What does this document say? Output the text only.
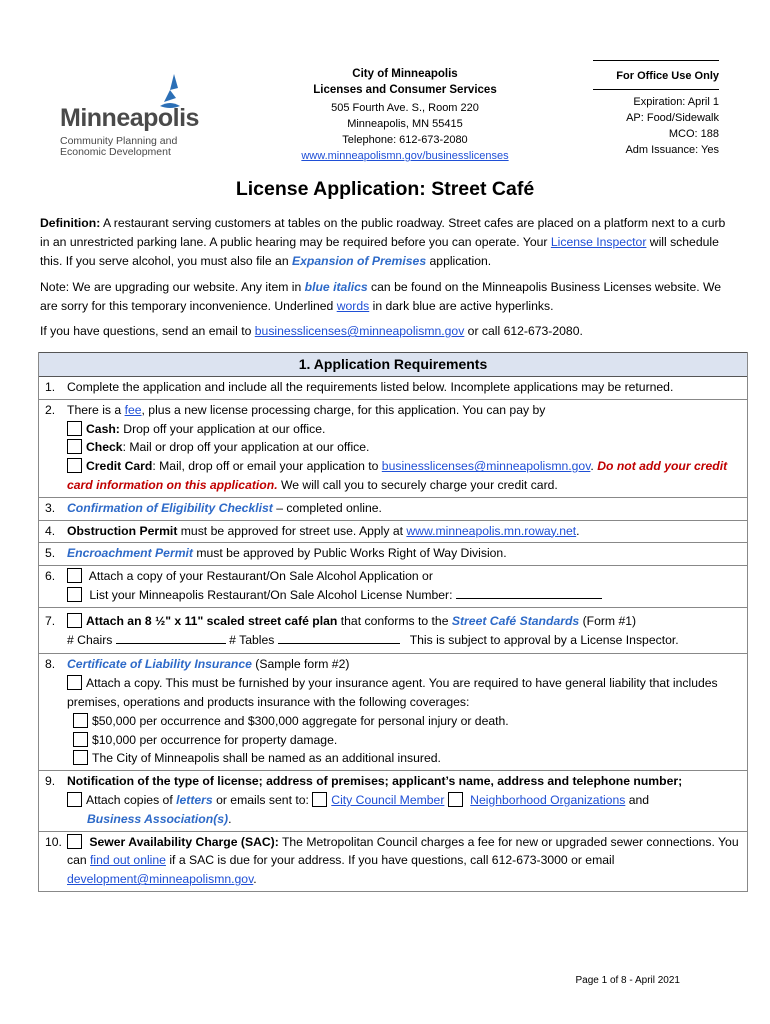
Minneapolis
Community Planning and
Economic Development
City of Minneapolis
Licenses and Consumer Services
505 Fourth Ave. S., Room 220
Minneapolis, MN 55415
Telephone: 612-673-2080
www.minneapolismn.gov/businesslicenses
For Office Use Only
Expiration: April 1
AP: Food/Sidewalk
MCO: 188
Adm Issuance: Yes
License Application: Street Café
Definition: A restaurant serving customers at tables on the public roadway. Street cafes are placed on a platform next to a curb in an unrestricted parking lane. A public hearing may be required before you can operate. Your License Inspector will schedule this. If you serve alcohol, you must also file an Expansion of Premises application.
Note: We are upgrading our website. Any item in blue italics can be found on the Minneapolis Business Licenses website. We are sorry for this temporary inconvenience. Underlined words in dark blue are active hyperlinks.
If you have questions, send an email to businesslicenses@minneapolismn.gov or call 612-673-2080.
1. Application Requirements
1. Complete the application and include all the requirements listed below. Incomplete applications may be returned.
2. There is a fee, plus a new license processing charge, for this application. You can pay by
Cash: Drop off your application at our office.
Check: Mail or drop off your application at our office.
Credit Card: Mail, drop off or email your application to businesslicenses@minneapolismn.gov. Do not add your credit card information on this application. We will call you to securely charge your credit card.
3. Confirmation of Eligibility Checklist – completed online.
4. Obstruction Permit must be approved for street use. Apply at www.minneapolis.mn.roway.net.
5. Encroachment Permit must be approved by Public Works Right of Way Division.
6.	Attach a copy of your Restaurant/On Sale Alcohol Application or
List your Minneapolis Restaurant/On Sale Alcohol License Number:
7.	Attach an 8 ½" x 11" scaled street café plan that conforms to the Street Café Standards (Form #1)
# Chairs	# Tables	This is subject to approval by a License Inspector.
8. Certificate of Liability Insurance (Sample form #2)
Attach a copy. This must be furnished by your insurance agent. You are required to have general liability that includes premises, operations and products insurance with the following coverages:
$50,000 per occurrence and $300,000 aggregate for personal injury or death.
$10,000 per occurrence for property damage.
The City of Minneapolis shall be named as an additional insured.
9. Notification of the type of license; address of premises; applicant’s name, address and telephone number;
Attach copies of letters or emails sent to: City Council Member Neighborhood Organizations and
Business Association(s).
10. Sewer Availability Charge (SAC): The Metropolitan Council charges a fee for new or upgraded sewer connections. You can find out online if a SAC is due for your address. If you have questions, call 612-673-3000 or email development@minneapolismn.gov.
Page 1 of 8 - April 2021
